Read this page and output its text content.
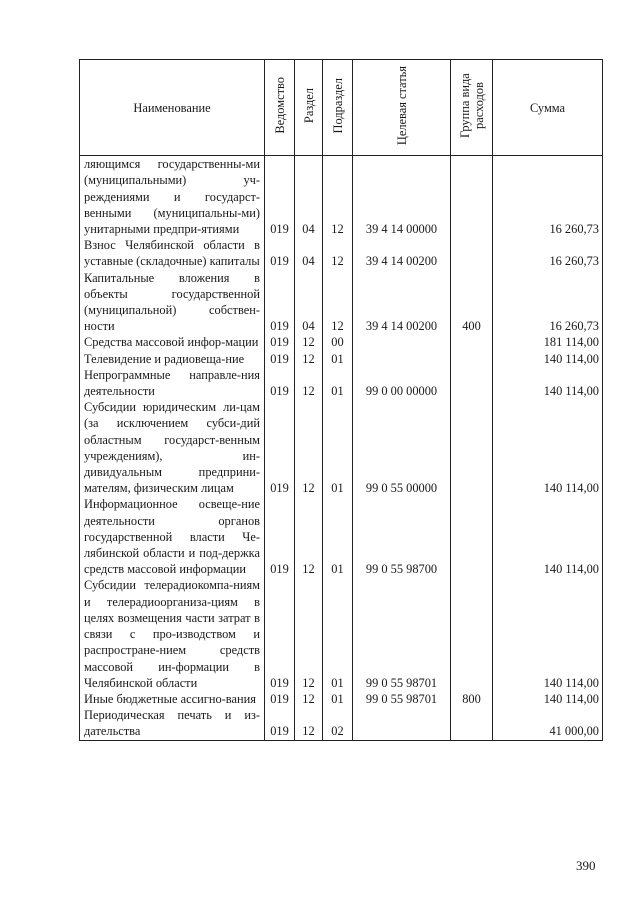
Наименование	Ведомство	Раздел	Подраздел	Целевая статья	Группа вида расходов	Сумма
ляющимся государственны-ми (муниципальными) уч-реждениями и государст-венными (муниципальны-ми) унитарными предпри-ятиями	019	04	12	39 4 14 00000		16 260,73
Взнос Челябинской области в уставные (складочные) капиталы	019	04	12	39 4 14 00200		16 260,73
Капитальные вложения в объекты государственной (муниципальной) собствен-ности	019	04	12	39 4 14 00200	400	16 260,73
Средства массовой инфор-мации	019	12	00			181 114,00
Телевидение и радиовеща-ние	019	12	01			140 114,00
Непрограммные направле-ния деятельности	019	12	01	99 0 00 00000		140 114,00
Субсидии юридическим ли-цам (за исключением субси-дий областным государст-венным учреждениям), ин-дивидуальным предприни-мателям, физическим лицам	019	12	01	99 0 55 00000		140 114,00
Информационное освеще-ние деятельности органов государственной власти Че-лябинской области и под-держка средств массовой информации	019	12	01	99 0 55 98700		140 114,00
Субсидии телерадиокомпа-ниям и телерадиоорганиза-циям в целях возмещения части затрат в связи с про-изводством и распростране-нием средств массовой ин-формации в Челябинской области	019	12	01	99 0 55 98701		140 114,00
Иные бюджетные ассигно-вания	019	12	01	99 0 55 98701	800	140 114,00
Периодическая печать и из-дательства	019	12	02			41 000,00
390
